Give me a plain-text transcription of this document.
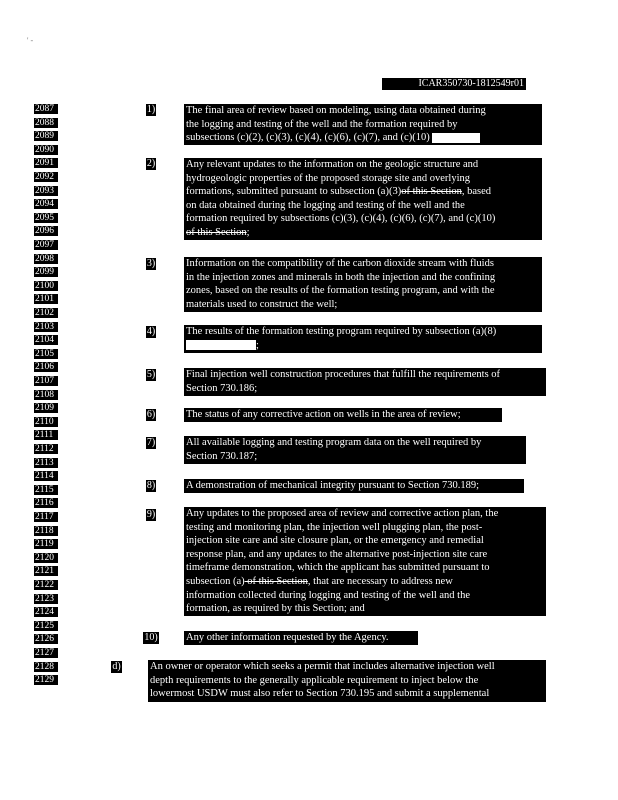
' -
ICAR350730-1812549r01
2087
2088
2089
2090
2091
2092
2093
2094
2095
2096
2097
2098
2099
2100
2101
2102
2103
2104
2105
2106
2107
2108
2109
2110
2111
2112
2113
2114
2115
2116
2117
2118
2119
2120
2121
2122
2123
2124
2125
2126
2127
2128
2129
1)	The final area of review based on modeling, using data obtained during

the logging and testing of the well and the formation required by

subsections (c)(2), (c)(3), (c)(4), (c)(6), (c)(7), and (c)(10)

2)	Any relevant updates to the information on the geologic structure and

hydrogeologic properties of the proposed storage site and overlying

formations, submitted pursuant to subsection (a)(3)of this Section, based

on data obtained during the logging and testing of the well and the

formation required by subsections (c)(3), (c)(4), (c)(6), (c)(7), and (c)(10)

of this Section;

3)	Information on the compatibility of the carbon dioxide stream with fluids

in the injection zones and minerals in both the injection and the confining

zones, based on the results of the formation testing program, and with the

materials used to construct the well;

4)	The results of the formation testing program required by subsection (a)(8)

;

5)	Final injection well construction procedures that fulfill the requirements of

Section 730.186;

6)	The status of any corrective action on wells in the area of review;

7)	All available logging and testing program data on the well required by

Section 730.187;

8)	A demonstration of mechanical integrity pursuant to Section 730.189;

9)	Any updates to the proposed area of review and corrective action plan, the

testing and monitoring plan, the injection well plugging plan, the post-

injection site care and site closure plan, or the emergency and remedial

response plan, and any updates to the alternative post-injection site care

timeframe demonstration, which the applicant has submitted pursuant to

subsection (a) of this Section, that are necessary to address new

information collected during logging and testing of the well and the

formation, as required by this Section; and

10)	Any other information requested by the Agency.

d)	An owner or operator which seeks a permit that includes alternative injection well

depth requirements to the generally applicable requirement to inject below the

lowermost USDW must also refer to Section 730.195 and submit a supplemental
